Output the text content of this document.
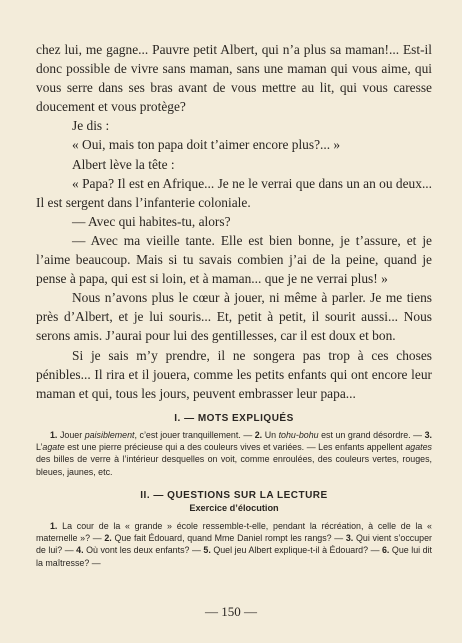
chez lui, me gagne... Pauvre petit Albert, qui n’a plus sa maman!... Est-il donc possible de vivre sans maman, sans une maman qui vous aime, qui vous serre dans ses bras avant de vous mettre au lit, qui vous caresse doucement et vous protège?

Je dis :

« Oui, mais ton papa doit t’aimer encore plus?... »

Albert lève la tête :

« Papa? Il est en Afrique... Je ne le verrai que dans un an ou deux... Il est sergent dans l’infanterie coloniale.

— Avec qui habites-tu, alors?

— Avec ma vieille tante. Elle est bien bonne, je t’assure, et je l’aime beaucoup. Mais si tu savais combien j’ai de la peine, quand je pense à papa, qui est si loin, et à maman... que je ne verrai plus! »

Nous n’avons plus le cœur à jouer, ni même à parler. Je me tiens près d’Albert, et je lui souris... Et, petit à petit, il sourit aussi... Nous serons amis. J’aurai pour lui des gentillesses, car il est doux et bon.

Si je sais m’y prendre, il ne songera pas trop à ces choses pénibles... Il rira et il jouera, comme les petits enfants qui ont encore leur maman et qui, tous les jours, peuvent embrasser leur papa...

I. — MOTS EXPLIQUÉS

1. Jouer paisiblement, c’est jouer tranquillement. — 2. Un tohu-bohu est un grand désordre. — 3. L’agate est une pierre précieuse qui a des couleurs vives et variées. — Les enfants appellent agates des billes de verre à l’intérieur desquelles on voit, comme enroulées, des couleurs vertes, rouges, bleues, jaunes, etc.

II. — QUESTIONS SUR LA LECTURE
Exercice d’élocution

1. La cour de la « grande » école ressemble-t-elle, pendant la récréation, à celle de la « maternelle »? — 2. Que fait Édouard, quand Mme Daniel rompt les rangs? — 3. Qui vient s’occuper de lui? — 4. Où vont les deux enfants? — 5. Quel jeu Albert explique-t-il à Édouard? — 6. Que lui dit la maîtresse? —

— 150 —
